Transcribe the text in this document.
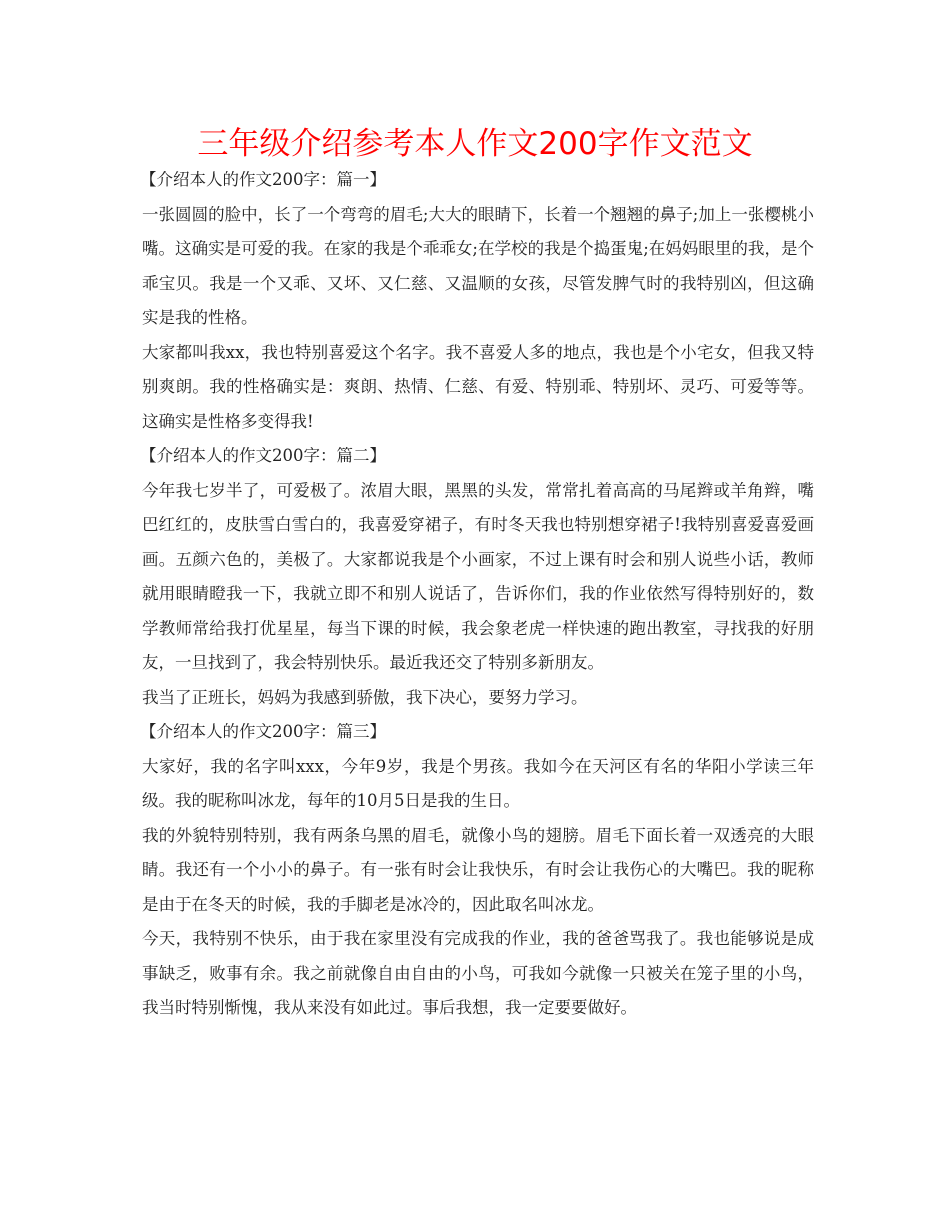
三年级介绍参考本人作文200字作文范文

【介绍本人的作文200字：篇一】

一张圆圆的脸中，长了一个弯弯的眉毛;大大的眼睛下，长着一个翘翘的鼻子;加上一张樱桃小嘴。这确实是可爱的我。在家的我是个乖乖女;在学校的我是个捣蛋鬼;在妈妈眼里的我，是个乖宝贝。我是一个又乖、又坏、又仁慈、又温顺的女孩，尽管发脾气时的我特别凶，但这确实是我的性格。

大家都叫我xx，我也特别喜爱这个名字。我不喜爱人多的地点，我也是个小宅女，但我又特别爽朗。我的性格确实是：爽朗、热情、仁慈、有爱、特别乖、特别坏、灵巧、可爱等等。这确实是性格多变得我!

【介绍本人的作文200字：篇二】

今年我七岁半了，可爱极了。浓眉大眼，黑黑的头发，常常扎着高高的马尾辫或羊角辫，嘴巴红红的，皮肤雪白雪白的，我喜爱穿裙子，有时冬天我也特别想穿裙子!我特别喜爱喜爱画画。五颜六色的，美极了。大家都说我是个小画家，不过上课有时会和别人说些小话，教师就用眼睛瞪我一下，我就立即不和别人说话了，告诉你们，我的作业依然写得特别好的，数学教师常给我打优星星，每当下课的时候，我会象老虎一样快速的跑出教室，寻找我的好朋友，一旦找到了，我会特别快乐。最近我还交了特别多新朋友。

我当了正班长，妈妈为我感到骄傲，我下决心，要努力学习。

【介绍本人的作文200字：篇三】

大家好，我的名字叫xxx，今年9岁，我是个男孩。我如今在天河区有名的华阳小学读三年级。我的昵称叫冰龙，每年的10月5日是我的生日。

我的外貌特别特别，我有两条乌黑的眉毛，就像小鸟的翅膀。眉毛下面长着一双透亮的大眼睛。我还有一个小小的鼻子。有一张有时会让我快乐，有时会让我伤心的大嘴巴。我的昵称是由于在冬天的时候，我的手脚老是冰冷的，因此取名叫冰龙。

今天，我特别不快乐，由于我在家里没有完成我的作业，我的爸爸骂我了。我也能够说是成事缺乏，败事有余。我之前就像自由自由的小鸟，可我如今就像一只被关在笼子里的小鸟，我当时特别惭愧，我从来没有如此过。事后我想，我一定要要做好。
